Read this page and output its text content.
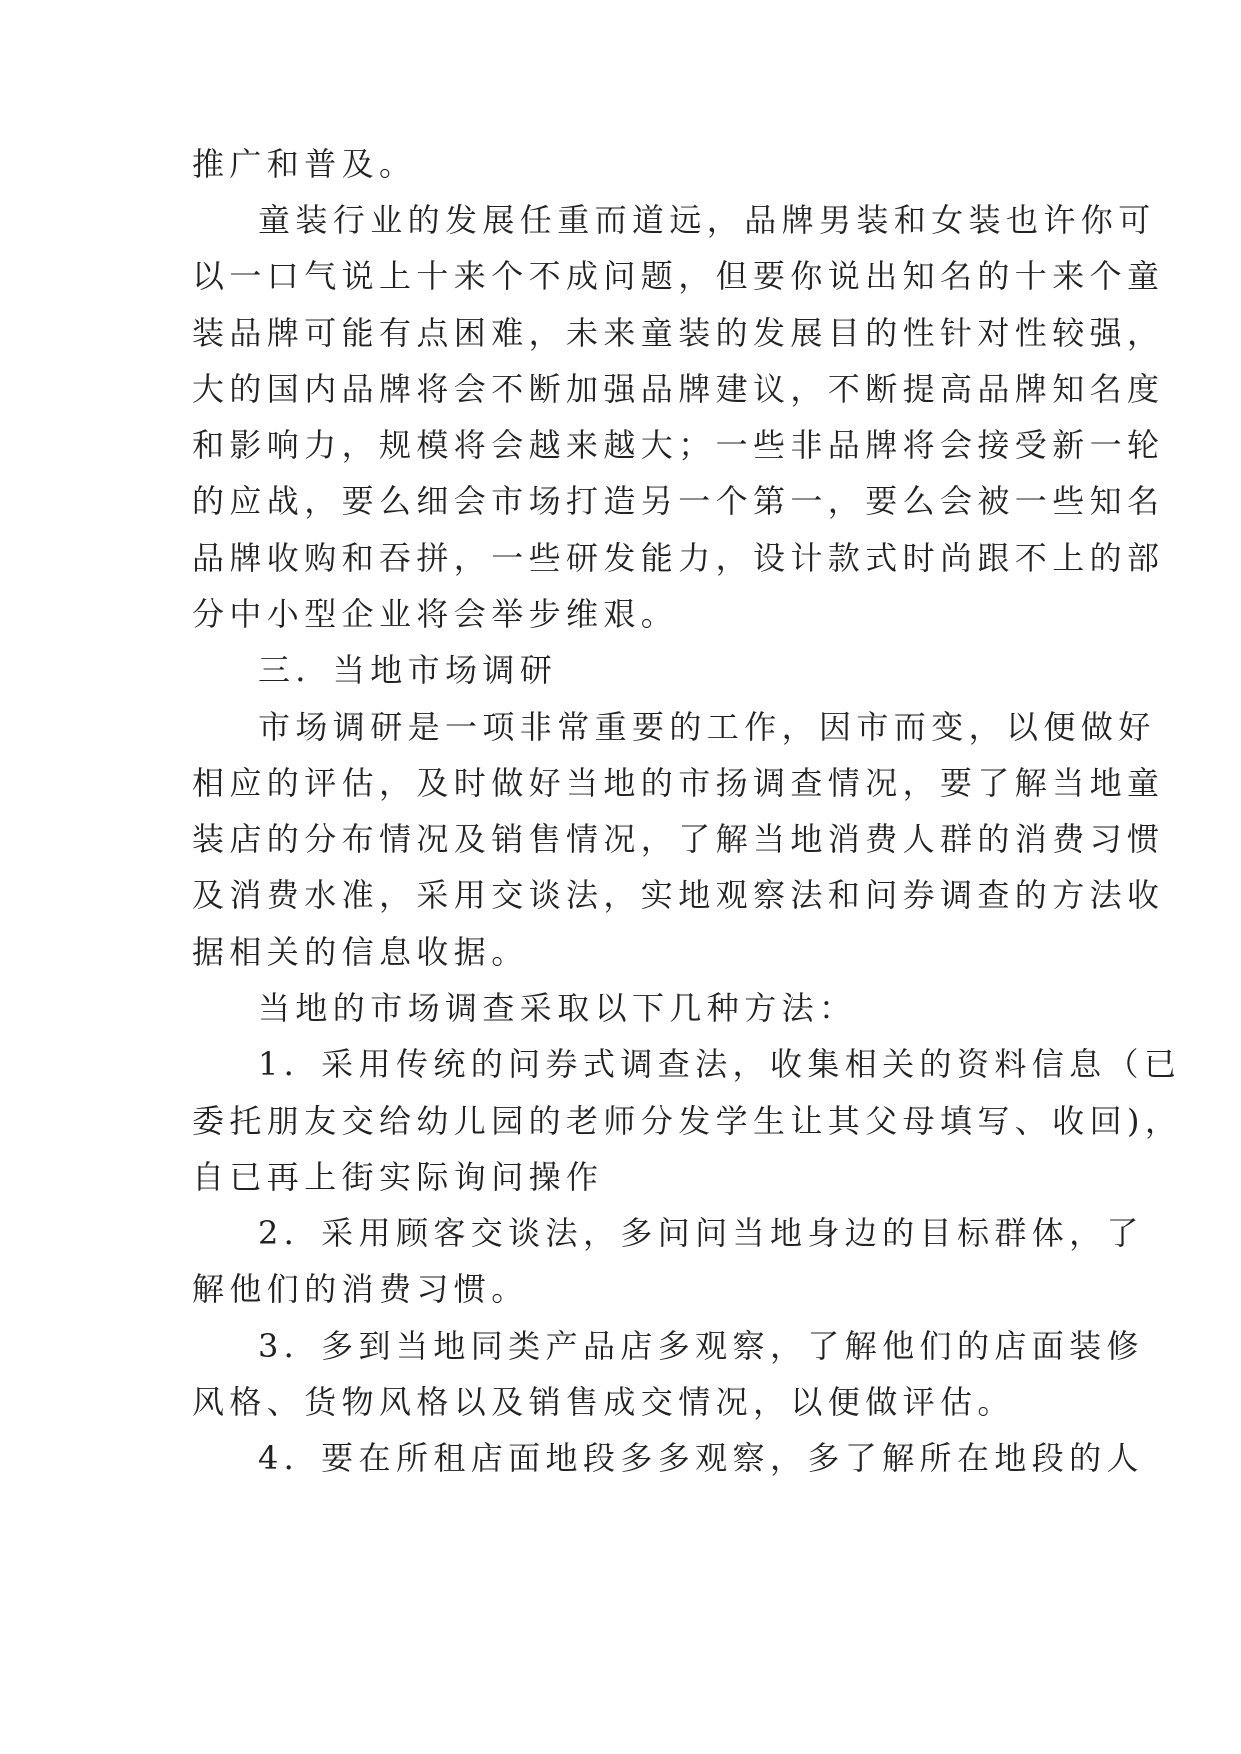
推广和普及。
童装行业的发展任重而道远，品牌男装和女装也许你可
以一口气说上十来个不成问题，但要你说出知名的十来个童
装品牌可能有点困难，未来童装的发展目的性针对性较强，
大的国内品牌将会不断加强品牌建议，不断提高品牌知名度
和影响力，规模将会越来越大；一些非品牌将会接受新一轮
的应战，要么细会市场打造另一个第一，要么会被一些知名
品牌收购和吞拼，一些研发能力，设计款式时尚跟不上的部
分中小型企业将会举步维艰。
三．当地市场调研
市场调研是一项非常重要的工作，因市而变，以便做好
相应的评估，及时做好当地的市扬调查情况，要了解当地童
装店的分布情况及销售情况，了解当地消费人群的消费习惯
及消费水准，采用交谈法，实地观察法和问券调查的方法收
据相关的信息收据。
当地的市场调查采取以下几种方法：
1．采用传统的问券式调查法，收集相关的资料信息（已
委托朋友交给幼儿园的老师分发学生让其父母填写、收回)，
自已再上街实际询问操作
2．采用顾客交谈法，多问问当地身边的目标群体，了
解他们的消费习惯。
3．多到当地同类产品店多观察，了解他们的店面装修
风格、货物风格以及销售成交情况，以便做评估。
4．要在所租店面地段多多观察，多了解所在地段的人
